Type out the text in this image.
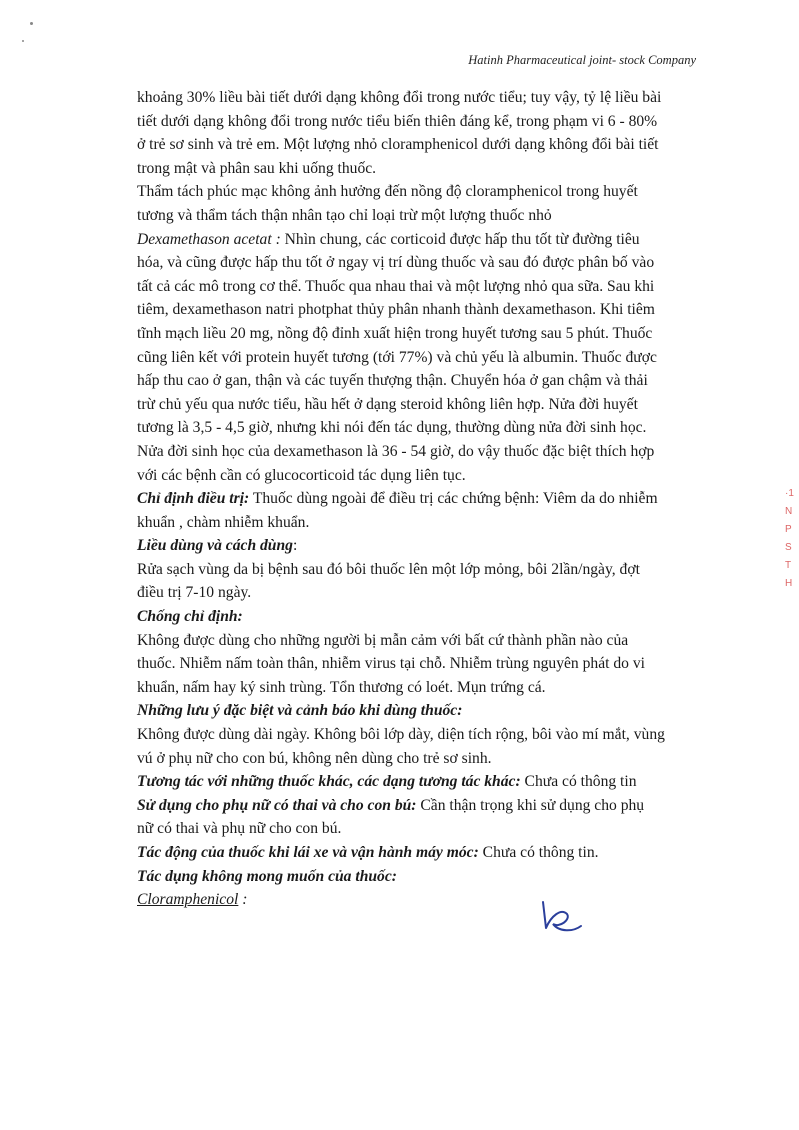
Hatinh Pharmaceutical joint- stock Company

khoảng 30% liều bài tiết dưới dạng không đổi trong nước tiểu; tuy vậy, tỷ lệ liều bài

tiết dưới dạng không đổi trong nước tiểu biến thiên đáng kể, trong phạm vi 6 - 80%

ở trẻ sơ sinh và trẻ em. Một lượng nhỏ cloramphenicol dưới dạng không đổi bài tiết

trong mật và phân sau khi uống thuốc.

Thẩm tách phúc mạc không ảnh hưởng đến nồng độ cloramphenicol trong huyết

tương và thẩm tách thận nhân tạo chỉ loại trừ một lượng thuốc nhỏ

Dexamethason acetat : Nhìn chung, các corticoid được hấp thu tốt từ đường tiêu

hóa, và cũng được hấp thu tốt ở ngay vị trí dùng thuốc và sau đó được phân bố vào

tất cả các mô trong cơ thể. Thuốc qua nhau thai và một lượng nhỏ qua sữa. Sau khi

tiêm, dexamethason natri photphat thủy phân nhanh thành dexamethason. Khi tiêm

tĩnh mạch liều 20 mg, nồng độ đỉnh xuất hiện trong huyết tương sau 5 phút. Thuốc

cũng liên kết với protein huyết tương (tới 77%) và chủ yếu là albumin. Thuốc được

hấp thu cao ở gan, thận và các tuyến thượng thận. Chuyển hóa ở gan chậm và thải

trừ chủ yếu qua nước tiểu, hầu hết ở dạng steroid không liên hợp. Nửa đời huyết

tương là 3,5 - 4,5 giờ, nhưng khi nói đến tác dụng, thường dùng nửa đời sinh học.

Nửa đời sinh học của dexamethason là 36 - 54 giờ, do vậy thuốc đặc biệt thích hợp

với các bệnh cần có glucocorticoid tác dụng liên tục.

Chỉ định điều trị: Thuốc dùng ngoài để điều trị các chứng bệnh: Viêm da do nhiễm

khuẩn , chàm nhiễm khuẩn.

Liều dùng và cách dùng:

Rửa sạch vùng da bị bệnh sau đó bôi thuốc lên một lớp mỏng, bôi 2lần/ngày, đợt

điều trị 7-10 ngày.

Chống chỉ định:

Không được dùng cho những người bị mẫn cảm với bất cứ thành phần nào của

thuốc. Nhiễm nấm toàn thân, nhiễm virus tại chỗ. Nhiễm trùng nguyên phát do vi

khuẩn, nấm hay ký sinh trùng. Tổn thương có loét. Mụn trứng cá.

Những lưu ý đặc biệt và cảnh báo khi dùng thuốc:

Không được dùng dài ngày. Không bôi lớp dày, diện tích rộng, bôi vào mí mắt, vùng

vú ở phụ nữ cho con bú, không nên dùng cho trẻ sơ sinh.

Tương tác với những thuốc khác, các dạng tương tác khác: Chưa có thông tin

Sử dụng cho phụ nữ có thai và cho con bú: Cần thận trọng khi sử dụng cho phụ

nữ có thai và phụ nữ cho con bú.

Tác động của thuốc khi lái xe và vận hành máy móc: Chưa có thông tin.

Tác dụng không mong muốn của thuốc:

Cloramphenicol :

·1
N
P
S
T
H
